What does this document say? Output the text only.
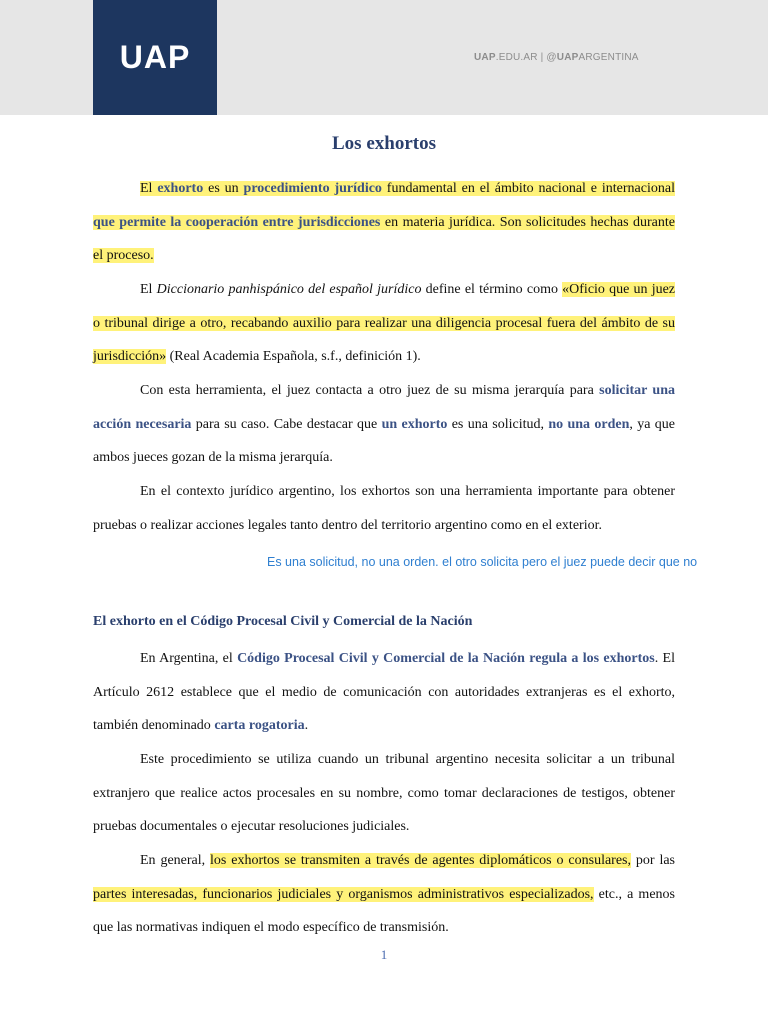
UAP	UAP.EDU.AR | @UAPARGENTINA
Los exhortos

El exhorto es un procedimiento jurídico fundamental en el ámbito nacional e internacional que permite la cooperación entre jurisdicciones en materia jurídica. Son solicitudes hechas durante el proceso.

El Diccionario panhispánico del español jurídico define el término como «Oficio que un juez o tribunal dirige a otro, recabando auxilio para realizar una diligencia procesal fuera del ámbito de su jurisdicción» (Real Academia Española, s.f., definición 1).

Con esta herramienta, el juez contacta a otro juez de su misma jerarquía para solicitar una acción necesaria para su caso. Cabe destacar que un exhorto es una solicitud, no una orden, ya que ambos jueces gozan de la misma jerarquía.

En el contexto jurídico argentino, los exhortos son una herramienta importante para obtener pruebas o realizar acciones legales tanto dentro del territorio argentino como en el exterior.

Es una solicitud, no una orden. el otro solicita pero el juez puede decir que no
El exhorto en el Código Procesal Civil y Comercial de la Nación

En Argentina, el Código Procesal Civil y Comercial de la Nación regula a los exhortos. El Artículo 2612 establece que el medio de comunicación con autoridades extranjeras es el exhorto, también denominado carta rogatoria.

Este procedimiento se utiliza cuando un tribunal argentino necesita solicitar a un tribunal extranjero que realice actos procesales en su nombre, como tomar declaraciones de testigos, obtener pruebas documentales o ejecutar resoluciones judiciales.

En general, los exhortos se transmiten a través de agentes diplomáticos o consulares, por las partes interesadas, funcionarios judiciales y organismos administrativos especializados, etc., a menos que las normativas indiquen el modo específico de transmisión.

1
